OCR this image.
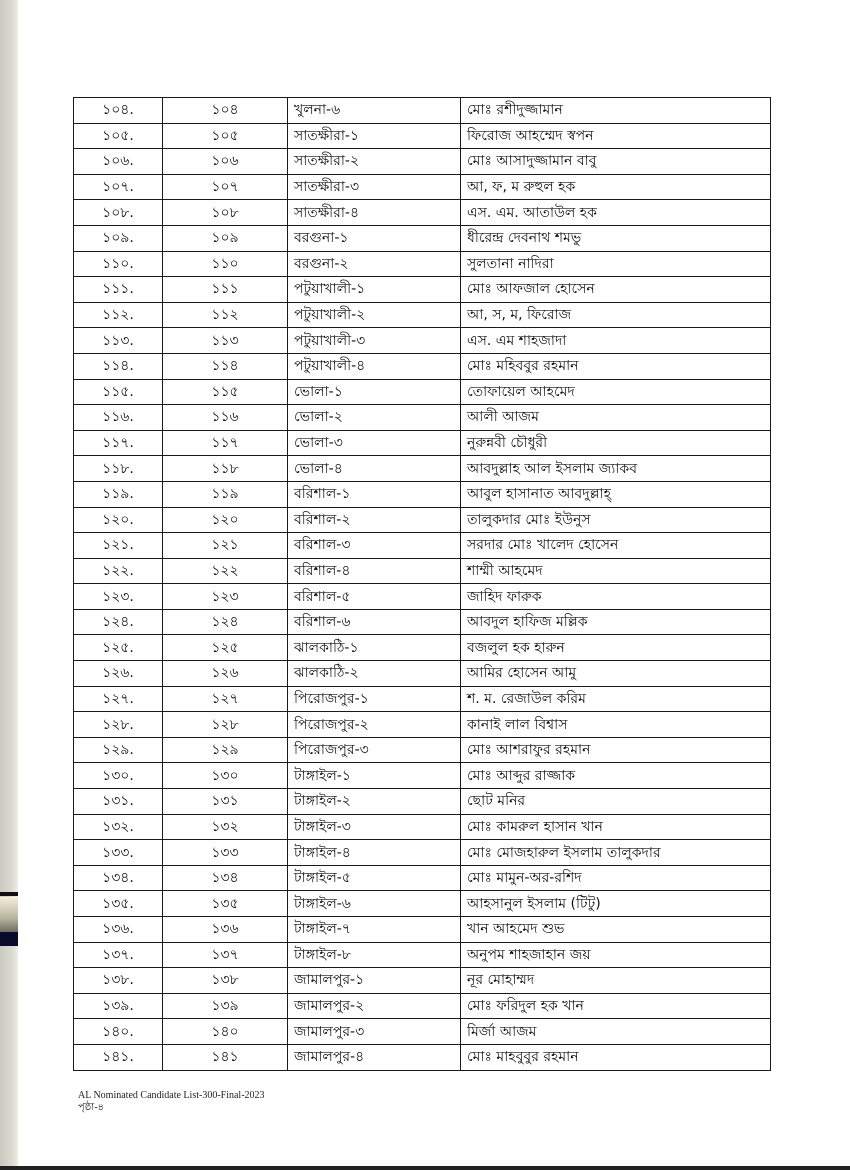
১০৪.	১০৪	খুলনা-৬	মোঃ রশীদুজ্জামান
১০৫.	১০৫	সাতক্ষীরা-১	ফিরোজ আহম্মেদ স্বপন
১০৬.	১০৬	সাতক্ষীরা-২	মোঃ আসাদুজ্জামান বাবু
১০৭.	১০৭	সাতক্ষীরা-৩	আ, ফ, ম রুহুল হক
১০৮.	১০৮	সাতক্ষীরা-৪	এস. এম. আতাউল হক
১০৯.	১০৯	বরগুনা-১	ধীরেন্দ্র দেবনাথ শমভু
১১০.	১১০	বরগুনা-২	সুলতানা নাদিরা
১১১.	১১১	পটুয়াখালী-১	মোঃ আফজাল হোসেন
১১২.	১১২	পটুয়াখালী-২	আ, স, ম, ফিরোজ
১১৩.	১১৩	পটুয়াখালী-৩	এস. এম শাহজাদা
১১৪.	১১৪	পটুয়াখালী-৪	মোঃ মহিববুর রহমান
১১৫.	১১৫	ভোলা-১	তোফায়েল আহমেদ
১১৬.	১১৬	ভোলা-২	আলী আজম
১১৭.	১১৭	ভোলা-৩	নুরুন্নবী চৌধুরী
১১৮.	১১৮	ভোলা-৪	আবদুল্লাহ আল ইসলাম জ্যাকব
১১৯.	১১৯	বরিশাল-১	আবুল হাসানাত আবদুল্লাহ্
১২০.	১২০	বরিশাল-২	তালুকদার মোঃ ইউনুস
১২১.	১২১	বরিশাল-৩	সরদার মোঃ খালেদ হোসেন
১২২.	১২২	বরিশাল-৪	শাম্মী আহমেদ
১২৩.	১২৩	বরিশাল-৫	জাহিদ ফারুক
১২৪.	১২৪	বরিশাল-৬	আবদুল হাফিজ মল্লিক
১২৫.	১২৫	ঝালকাঠি-১	বজলুল হক হারুন
১২৬.	১২৬	ঝালকাঠি-২	আমির হোসেন আমু
১২৭.	১২৭	পিরোজপুর-১	শ. ম. রেজাউল করিম
১২৮.	১২৮	পিরোজপুর-২	কানাই লাল বিশ্বাস
১২৯.	১২৯	পিরোজপুর-৩	মোঃ আশরাফুর রহমান
১৩০.	১৩০	টাঙ্গাইল-১	মোঃ আব্দুর রাজ্জাক
১৩১.	১৩১	টাঙ্গাইল-২	ছোট মনির
১৩২.	১৩২	টাঙ্গাইল-৩	মোঃ কামরুল হাসান খান
১৩৩.	১৩৩	টাঙ্গাইল-৪	মোঃ মোজহারুল ইসলাম তালুকদার
১৩৪.	১৩৪	টাঙ্গাইল-৫	মোঃ মামুন-অর-রশিদ
১৩৫.	১৩৫	টাঙ্গাইল-৬	আহসানুল ইসলাম (টিটু)
১৩৬.	১৩৬	টাঙ্গাইল-৭	খান আহমেদ শুভ
১৩৭.	১৩৭	টাঙ্গাইল-৮	অনুপম শাহজাহান জয়
১৩৮.	১৩৮	জামালপুর-১	নূর মোহাম্মদ
১৩৯.	১৩৯	জামালপুর-২	মোঃ ফরিদুল হক খান
১৪০.	১৪০	জামালপুর-৩	মির্জা আজম
১৪১.	১৪১	জামালপুর-৪	মোঃ মাহবুবুর রহমান
AL Nominated Candidate List-300-Final-2023
পৃষ্ঠা-৪
